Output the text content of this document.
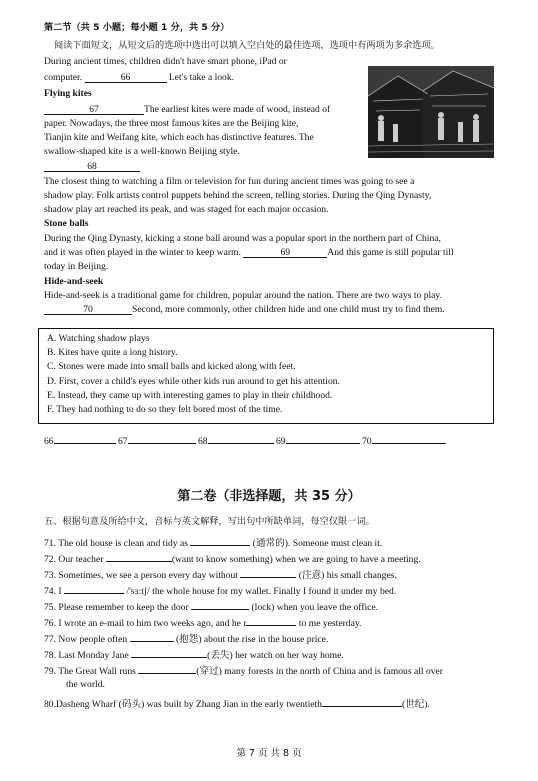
第二节（共 5 小题；每小题 1 分，共 5 分）
阅读下面短文，从短文后的选项中选出可以填入空白处的最佳选项，选项中有两项为多余选项。
During ancient times, children didn't have smart phone, iPad or
computer.	66	Let's take a look.
Flying kites
67	The earliest kites were made of wood, instead of
paper. Nowadays, the three most famous kites are the Beijing kite,
Tianjin kite and Weifang kite, which each has distinctive features. The
swallow-shaped kite is a well-known Beijing style.
68
The closest thing to watching a film or television for fun during ancient times was going to see a
shadow play. Folk artists control puppets behind the screen, telling stories. During the Qing Dynasty,
shadow play art reached its peak, and was staged for each major occasion.
Stone balls
During the Qing Dynasty, kicking a stone ball around was a popular sport in the northern part of China,
and it was often played in the winter to keep warm.	69	And this game is still popular till
today in Beijing.
Hide-and-seek
Hide-and-seek is a traditional game for children, popular around the nation. There are two ways to play.
70	Second, more commonly, other children hide and one child must try to find them.
A. Watching shadow plays
B. Kites have quite a long history.
C. Stones were made into small balls and kicked along with feet.
D. First, cover a child's eyes while other kids run around to get his attention.
E. Instead, they came up with interesting games to play in their childhood.
F. They had nothing to do so they felt bored most of the time.
66	67	68	69	70
第二卷（非选择题，共 35 分）
五、根据句意及所给中文，音标与英文解释，写出句中所缺单词，每空仅限一词。
71. The old house is clean and tidy as	(通常的). Someone must clean it.
72. Our teacher	(want to know something) when we are going to have a meeting.
73. Sometimes, we see a person every day without	(注意) his small changes.
74. I	/'sɜ:tʃ/ the whole house for my wallet. Finally I found it under my bed.
75. Please remember to keep the door	(lock) when you leave the office.
76. I wrote an e-mail to him two weeks ago, and he r	to me yesterday.
77. Now people often	(抱怨) about the rise in the house price.
78. Last Monday Jane	(丢失) her watch on her way home.
79. The Great Wall runs	(穿过) many forests in the north of China and is famous all over
the world.
80.Dasheng Wharf (码头) was built by Zhang Jian in the early twentieth	(世纪).
第 7 页 共 8 页
